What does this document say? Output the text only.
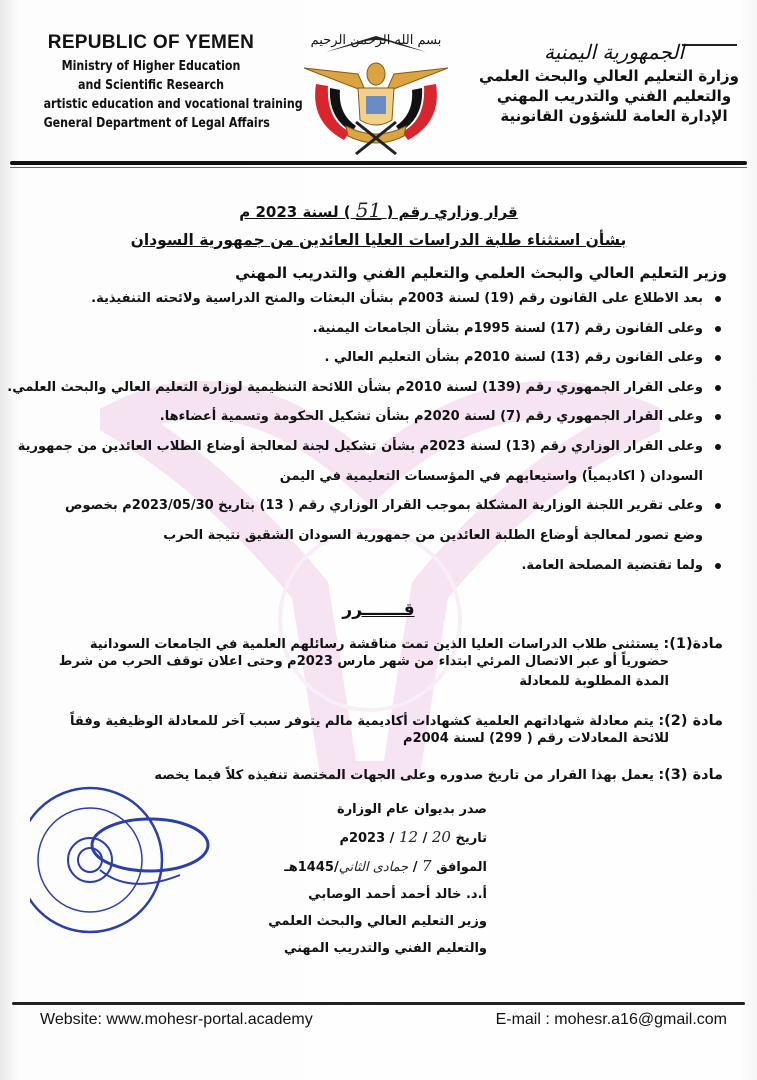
REPUBLIC OF YEMEN
Ministry of Higher Education
and Scientific Research
artistic education and vocational training
General Department of Legal Affairs
بسم الله الرحمن الرحيم	الجمهورية اليمنية
وزارة التعليم العالي والبحث العلمي
والتعليم الفني والتدريب المهني
الإدارة العامة للشؤون القانونية
قرار وزاري رقم ( 51 ) لسنة 2023 م
بشأن استثناء طلبة الدراسات العليا العائدين من جمهورية السودان
وزير التعليم العالي والبحث العلمي والتعليم الفني والتدريب المهني
بعد الاطلاع على القانون رقم (19) لسنة 2003م بشأن البعثات والمنح الدراسية ولائحته التنفيذية.
وعلى القانون رقم (17) لسنة 1995م بشأن الجامعات اليمنية.
وعلى القانون رقم (13) لسنة 2010م بشأن التعليم العالي .
وعلى القرار الجمهوري رقم (139) لسنة 2010م بشأن اللائحة التنظيمية لوزارة التعليم العالي والبحث العلمي.
وعلى القرار الجمهوري رقم (7) لسنة 2020م بشأن تشكيل الحكومة وتسمية أعضاءها.
وعلى القرار الوزاري رقم (13) لسنة 2023م بشأن تشكيل لجنة لمعالجة أوضاع الطلاب العائدين من جمهورية
السودان ( اكاديمياً) واستيعابهم في المؤسسات التعليمية في اليمن
وعلى تقرير اللجنة الوزارية المشكلة بموجب القرار الوزاري رقم ( 13) بتاريخ 2023/05/30م بخصوص
وضع تصور لمعالجة أوضاع الطلبة العائدين من جمهورية السودان الشقيق نتيجة الحرب
ولما تقتضية المصلحة العامة.
قـــــــرر
مادة(1): يستثنى طلاب الدراسات العليا الذين تمت مناقشة رسائلهم العلمية في الجامعات السودانية
حضورياً أو عبر الاتصال المرئي ابتداء من شهر مارس 2023م وحتى اعلان توقف الحرب من شرط
المدة المطلوبة للمعادلة
مادة (2): يتم معادلة شهاداتهم العلمية كشهادات أكاديمية مالم يتوفر سبب آخر للمعادلة الوظيفية وفقاً
للائحة المعادلات رقم ( 299) لسنة 2004م
مادة (3): يعمل بهذا القرار من تاريخ صدوره وعلى الجهات المختصة تنفيذه كلاً فيما يخصه
صدر بديوان عام الوزارة
تاريخ 20 / 12 / 2023م
الموافق 7 / جمادى الثاني/1445هـ
أ.د. خالد أحمد أحمد الوصابي
وزير التعليم العالي والبحث العلمي
والتعليم الفني والتدريب المهني
Website: www.mohesr-portal.academy	E-mail : mohesr.a16@gmail.com
